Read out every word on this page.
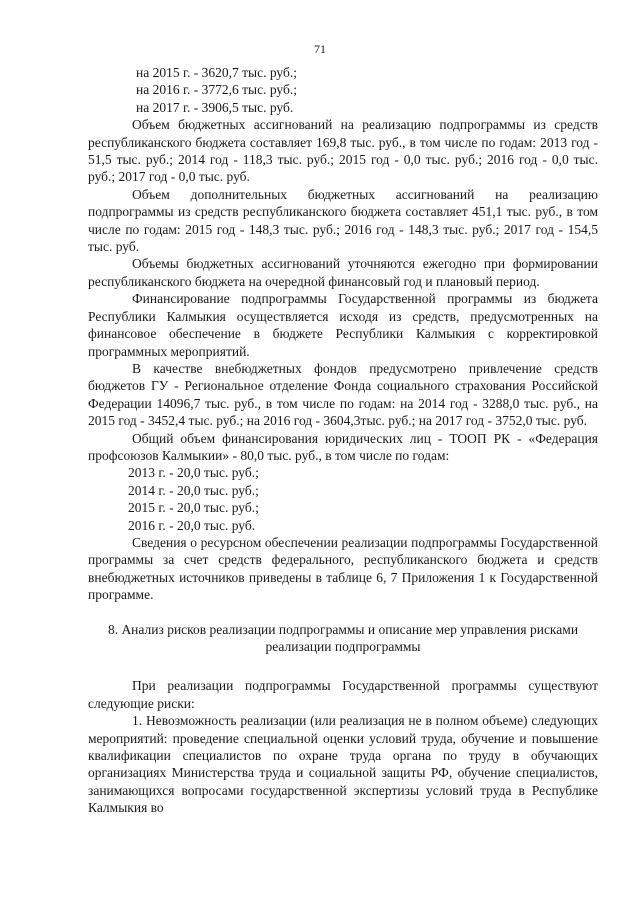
71

на 2015 г. - 3620,7 тыс. руб.;

на 2016 г. - 3772,6 тыс. руб.;

на 2017 г. - 3906,5 тыс. руб.

Объем бюджетных ассигнований на реализацию подпрограммы из средств республиканского бюджета составляет 169,8 тыс. руб., в том числе по годам: 2013 год - 51,5 тыс. руб.; 2014 год - 118,3 тыс. руб.; 2015 год - 0,0 тыс. руб.; 2016 год - 0,0 тыс. руб.; 2017 год - 0,0 тыс. руб.

Объем дополнительных бюджетных ассигнований на реализацию подпрограммы из средств республиканского бюджета составляет 451,1 тыс. руб., в том числе по годам: 2015 год - 148,3 тыс. руб.; 2016 год - 148,3 тыс. руб.; 2017 год - 154,5 тыс. руб.

Объемы бюджетных ассигнований уточняются ежегодно при формировании республиканского бюджета на очередной финансовый год и плановый период.

Финансирование подпрограммы Государственной программы из бюджета Республики Калмыкия осуществляется исходя из средств, предусмотренных на финансовое обеспечение в бюджете Республики Калмыкия с корректировкой программных мероприятий.

В качестве внебюджетных фондов предусмотрено привлечение средств бюджетов ГУ - Региональное отделение Фонда социального страхования Российской Федерации 14096,7 тыс. руб., в том числе по годам: на 2014 год - 3288,0 тыс. руб., на 2015 год - 3452,4 тыс. руб.; на 2016 год - 3604,3тыс. руб.; на 2017 год - 3752,0 тыс. руб.

Общий объем финансирования юридических лиц - ТООП РК - «Федерация профсоюзов Калмыкии» - 80,0 тыс. руб., в том числе по годам:

2013 г. - 20,0 тыс. руб.;

2014 г. - 20,0 тыс. руб.;

2015 г. - 20,0 тыс. руб.;

2016 г. - 20,0 тыс. руб.

Сведения о ресурсном обеспечении реализации подпрограммы Государственной программы за счет средств федерального, республиканского бюджета и средств внебюджетных источников приведены в таблице 6, 7 Приложения 1 к Государственной программе.

8. Анализ рисков реализации подпрограммы и описание мер управления рисками реализации подпрограммы

При реализации подпрограммы Государственной программы существуют следующие риски:

1. Невозможность реализации (или реализация не в полном объеме) следующих мероприятий: проведение специальной оценки условий труда, обучение и повышение квалификации специалистов по охране труда органа по труду в обучающих организациях Министерства труда и социальной защиты РФ, обучение специалистов, занимающихся вопросами государственной экспертизы условий труда в Республике Калмыкия во
